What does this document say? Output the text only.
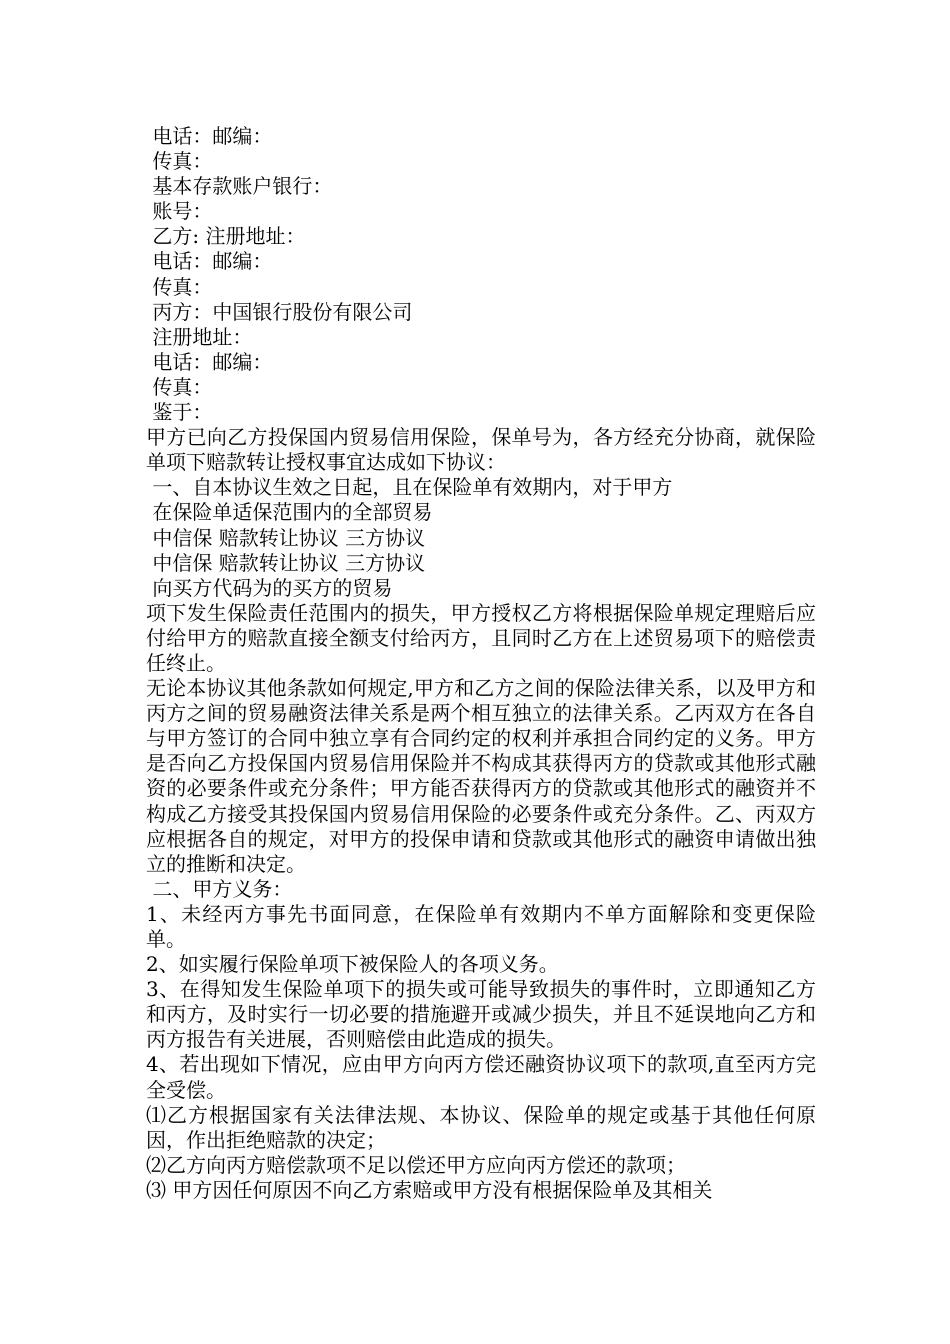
电话：邮编：
传真：
基本存款账户银行：
账号：
乙方: 注册地址：
电话：邮编：
传真：
丙方：中国银行股份有限公司
注册地址：
电话：邮编：
传真：
鉴于：

甲方已向乙方投保国内贸易信用保险，保单号为，各方经充分协商，就保险单项下赔款转让授权事宜达成如下协议：

一、自本协议生效之日起，且在保险单有效期内，对于甲方
在保险单适保范围内的全部贸易
中信保 赔款转让协议 三方协议
中信保 赔款转让协议 三方协议
向买方代码为的买方的贸易

项下发生保险责任范围内的损失，甲方授权乙方将根据保险单规定理赔后应付给甲方的赔款直接全额支付给丙方，且同时乙方在上述贸易项下的赔偿责任终止。

无论本协议其他条款如何规定,甲方和乙方之间的保险法律关系，以及甲方和丙方之间的贸易融资法律关系是两个相互独立的法律关系。乙丙双方在各自与甲方签订的合同中独立享有合同约定的权利并承担合同约定的义务。甲方是否向乙方投保国内贸易信用保险并不构成其获得丙方的贷款或其他形式融资的必要条件或充分条件；甲方能否获得丙方的贷款或其他形式的融资并不构成乙方接受其投保国内贸易信用保险的必要条件或充分条件。乙、丙双方应根据各自的规定，对甲方的投保申请和贷款或其他形式的融资申请做出独立的推断和决定。

二、甲方义务：

1、未经丙方事先书面同意，在保险单有效期内不单方面解除和变更保险单。

2、如实履行保险单项下被保险人的各项义务。

3、在得知发生保险单项下的损失或可能导致损失的事件时，立即通知乙方和丙方，及时实行一切必要的措施避开或减少损失，并且不延误地向乙方和丙方报告有关进展，否则赔偿由此造成的损失。

4、若出现如下情况，应由甲方向丙方偿还融资协议项下的款项,直至丙方完全受偿。

⑴乙方根据国家有关法律法规、本协议、保险单的规定或基于其他任何原因，作出拒绝赔款的决定；

⑵乙方向丙方赔偿款项不足以偿还甲方应向丙方偿还的款项；

⑶ 甲方因任何原因不向乙方索赔或甲方没有根据保险单及其相关
